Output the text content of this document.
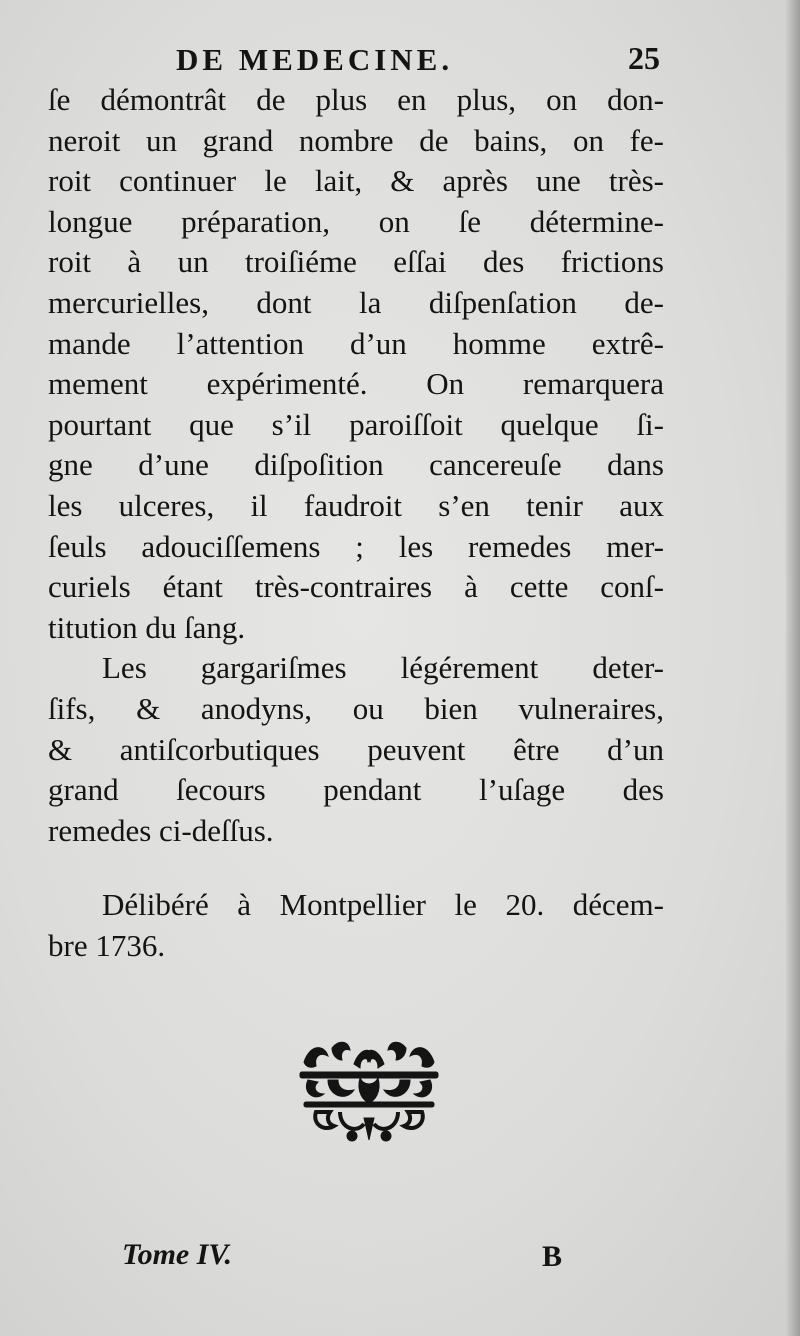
DE MEDECINE.	25
ſe démontrât de plus en plus, on don-
neroit un grand nombre de bains, on fe-
roit continuer le lait, & après une très-
longue préparation, on ſe détermine-
roit à un troiſiéme eſſai des frictions
mercurielles, dont la diſpenſation de-
mande l’attention d’un homme extrê-
mement expérimenté. On remarquera
pourtant que s’il paroiſſoit quelque ſi-
gne d’une diſpoſition cancereuſe dans
les ulceres, il faudroit s’en tenir aux
ſeuls adouciſſemens ; les remedes mer-
curiels étant très-contraires à cette conſ-
titution du ſang.
Les gargariſmes légérement deter-
ſifs, & anodyns, ou bien vulneraires,
& antiſcorbutiques peuvent être d’un
grand ſecours pendant l’uſage des
remedes ci-deſſus.
Délibéré à Montpellier le 20. décem-
bre 1736.
Tome IV.	B
